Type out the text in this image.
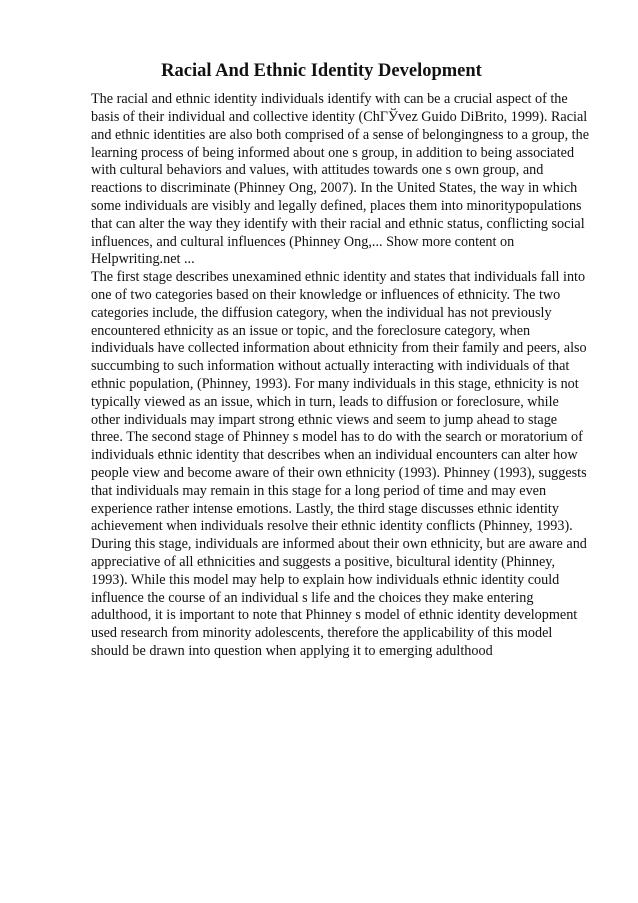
Racial And Ethnic Identity Development

The racial and ethnic identity individuals identify with can be a crucial aspect of the basis of their individual and collective identity (ChГЎvez Guido DiBrito, 1999). Racial and ethnic identities are also both comprised of a sense of belongingness to a group, the learning process of being informed about one s group, in addition to being associated with cultural behaviors and values, with attitudes towards one s own group, and reactions to discriminate (Phinney Ong, 2007). In the United States, the way in which some individuals are visibly and legally defined, places them into minoritypopulations that can alter the way they identify with their racial and ethnic status, conflicting social influences, and cultural influences (Phinney Ong,... Show more content on Helpwriting.net ...

The first stage describes unexamined ethnic identity and states that individuals fall into one of two categories based on their knowledge or influences of ethnicity. The two categories include, the diffusion category, when the individual has not previously encountered ethnicity as an issue or topic, and the foreclosure category, when individuals have collected information about ethnicity from their family and peers, also succumbing to such information without actually interacting with individuals of that ethnic population, (Phinney, 1993). For many individuals in this stage, ethnicity is not typically viewed as an issue, which in turn, leads to diffusion or foreclosure, while other individuals may impart strong ethnic views and seem to jump ahead to stage three. The second stage of Phinney s model has to do with the search or moratorium of individuals ethnic identity that describes when an individual encounters can alter how people view and become aware of their own ethnicity (1993). Phinney (1993), suggests that individuals may remain in this stage for a long period of time and may even experience rather intense emotions. Lastly, the third stage discusses ethnic identity achievement when individuals resolve their ethnic identity conflicts (Phinney, 1993). During this stage, individuals are informed about their own ethnicity, but are aware and appreciative of all ethnicities and suggests a positive, bicultural identity (Phinney, 1993). While this model may help to explain how individuals ethnic identity could influence the course of an individual s life and the choices they make entering adulthood, it is important to note that Phinney s model of ethnic identity development used research from minority adolescents, therefore the applicability of this model should be drawn into question when applying it to emerging adulthood
